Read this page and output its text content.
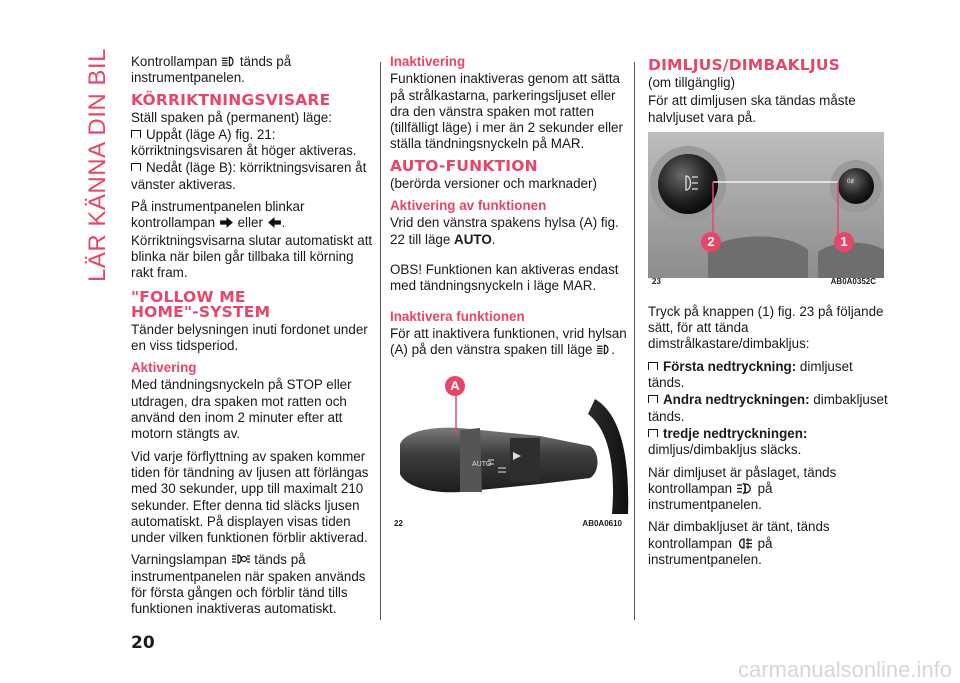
LÄR KÄNNA DIN BIL Kontrollampan tänds på instrumentpanelen.

KÖRRIKTNINGSVISARE

Ställ spaken på (permanent) läge:

Uppåt (läge A) fig. 21: körriktningsvisaren åt höger aktiveras.

Nedåt (läge B): körriktningsvisaren åt vänster aktiveras.

På instrumentpanelen blinkar kontrollampan eller .

Körriktningsvisarna slutar automatiskt att blinka när bilen går tillbaka till körning rakt fram.

"FOLLOW ME
HOME"-SYSTEM

Tänder belysningen inuti fordonet under en viss tidsperiod.

Aktivering

Med tändningsnyckeln på STOP eller utdragen, dra spaken mot ratten och använd den inom 2 minuter efter att motorn stängts av.

Vid varje förflyttning av spaken kommer tiden för tändning av ljusen att förlängas med 30 sekunder, upp till maximalt 210 sekunder. Efter denna tid släcks ljusen automatiskt. På displayen visas tiden under vilken funktionen förblir aktiverad.

Varningslampan tänds på instrumentpanelen när spaken används för första gången och förblir tänd tills funktionen inaktiveras automatiskt.

Inaktivering

Funktionen inaktiveras genom att sätta på strålkastarna, parkeringsljuset eller dra den vänstra spaken mot ratten (tillfälligt läge) i mer än 2 sekunder eller ställa tändningsnyckeln på MAR.

AUTO-FUNKTION

(berörda versioner och marknader)

Aktivering av funktionen

Vrid den vänstra spakens hylsa (A) fig. 22 till läge AUTO.

OBS! Funktionen kan aktiveras endast med tändningsnyckeln i läge MAR.

Inaktivera funktionen

För att inaktivera funktionen, vrid hylsan (A) på den vänstra spaken till läge .

AUTO
A
22	AB0A0610
DIMLJUS/DIMBAKLJUS

(om tillgänglig)

För att dimljusen ska tändas måste halvljuset vara på.

0≢
2	1
23	AB0A0352C

Tryck på knappen (1) fig. 23 på följande sätt, för att tända dimstrålkastare/dimbakljus:

Första nedtryckning: dimljuset tänds.

Andra nedtryckningen: dimbakljuset tänds.

tredje nedtryckningen: dimljus/dimbakljus släcks.

När dimljuset är påslaget, tänds kontrollampan på instrumentpanelen.

När dimbakljuset är tänt, tänds kontrollampan på instrumentpanelen.

20
carmanualsonline.info
